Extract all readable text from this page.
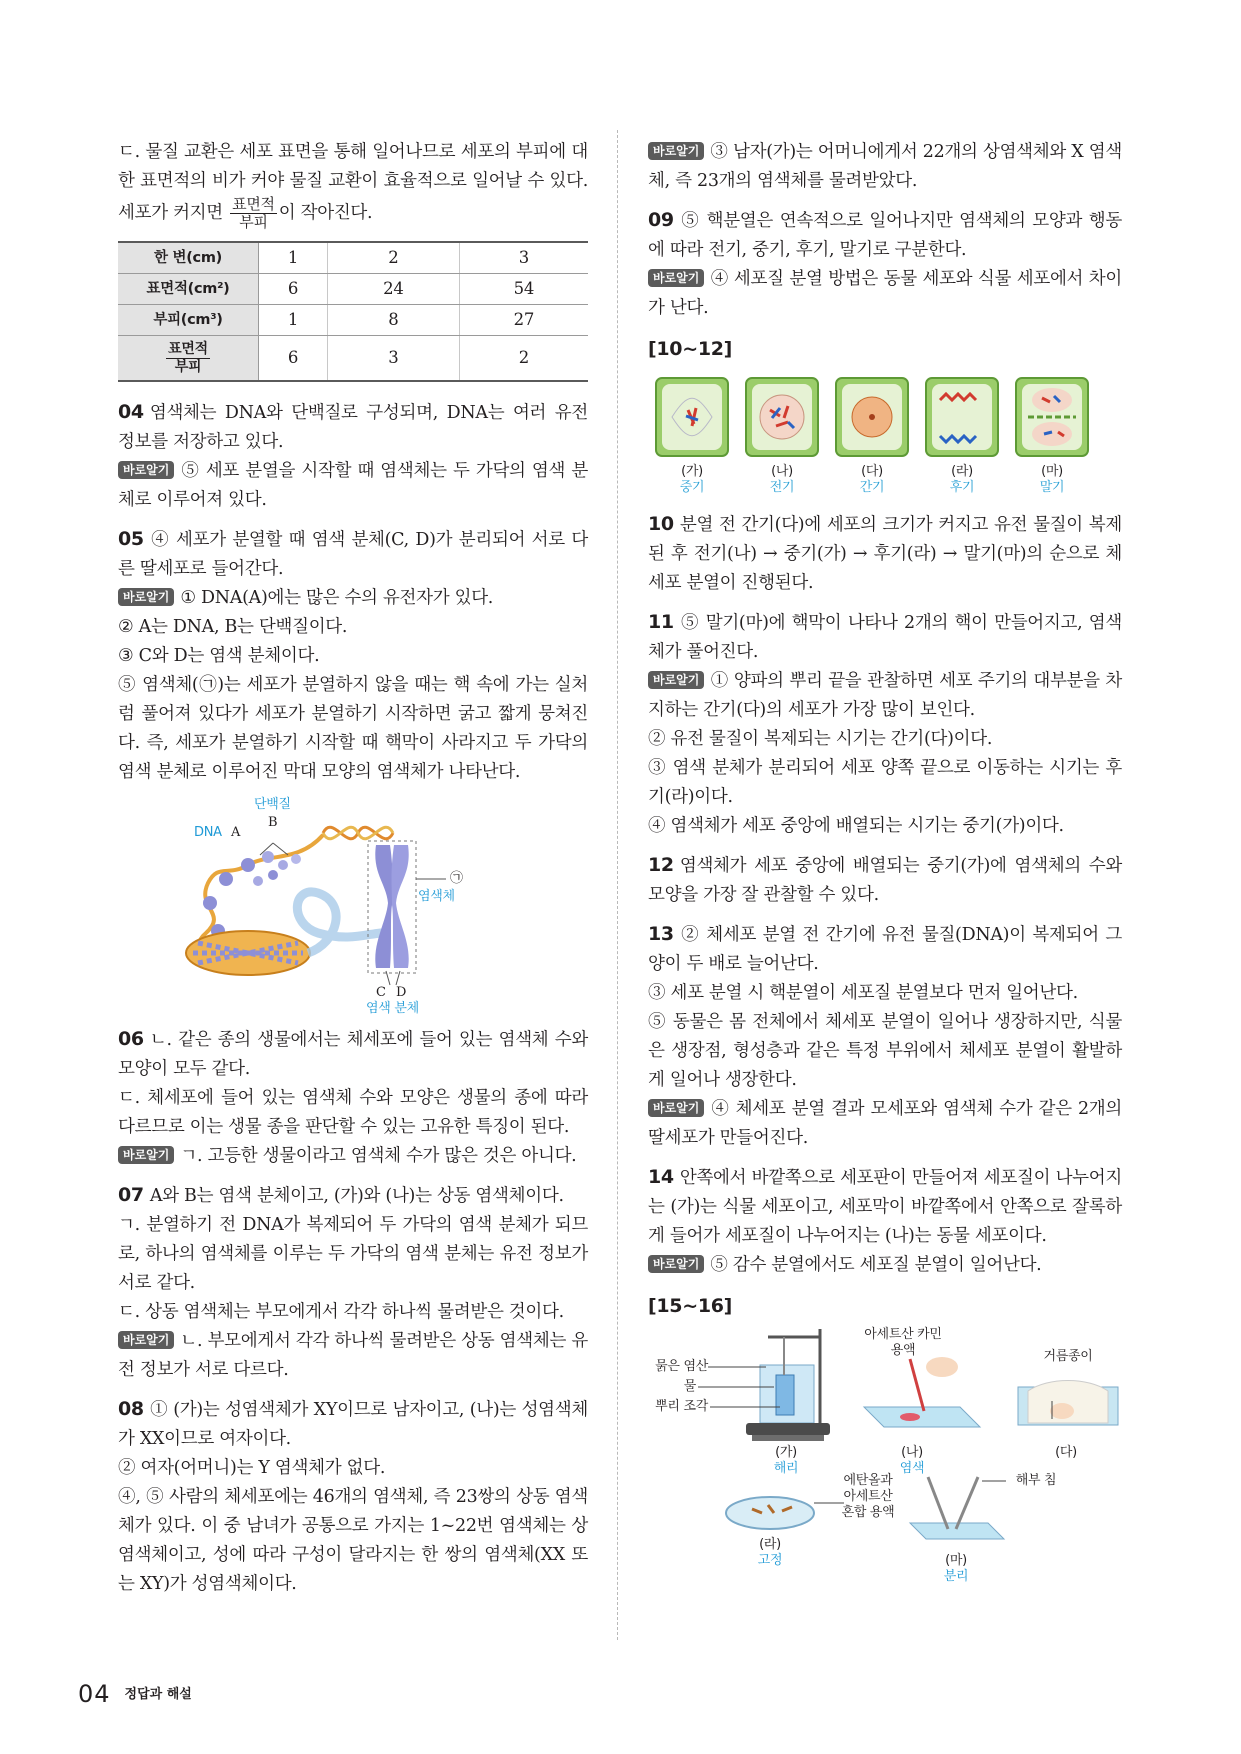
ㄷ. 물질 교환은 세포 표면을 통해 일어나므로 세포의 부피에 대한 표면적의 비가 커야 물질 교환이 효율적으로 일어날 수 있다. 세포가 커지면 $\frac{\text{표면적}}{\text{부피}}$ 이 작아진다.

한 변(cm)	1	2	3
표면적(cm²)	6	24	54
부피(cm³)	1	8	27

$\frac{\text{표면적}}{\text{부피}}$	6	3	2

04 염색체는 DNA와 단백질로 구성되며, DNA는 여러 유전 정보를 저장하고 있다.

바로알기 ⑤ 세포 분열을 시작할 때 염색체는 두 가닥의 염색 분체로 이루어져 있다.

05 ④ 세포가 분열할 때 염색 분체(C, D)가 분리되어 서로 다른 딸세포로 들어간다.

바로알기 ① DNA(A)에는 많은 수의 유전자가 있다.

② A는 DNA, B는 단백질이다.

③ C와 D는 염색 분체이다.

⑤ 염색체(㉠)는 세포가 분열하지 않을 때는 핵 속에 가는 실처럼 풀어져 있다가 세포가 분열하기 시작하면 굵고 짧게 뭉쳐진다. 즉, 세포가 분열하기 시작할 때 핵막이 사라지고 두 가닥의 염색 분체로 이루어진 막대 모양의 염색체가 나타난다.

단백질
B
DNA A
㉠
염색체
C D
염색 분체

06 ㄴ. 같은 종의 생물에서는 체세포에 들어 있는 염색체 수와 모양이 모두 같다.

ㄷ. 체세포에 들어 있는 염색체 수와 모양은 생물의 종에 따라 다르므로 이는 생물 종을 판단할 수 있는 고유한 특징이 된다.

바로알기 ㄱ. 고등한 생물이라고 염색체 수가 많은 것은 아니다.

07 A와 B는 염색 분체이고, (가)와 (나)는 상동 염색체이다.

ㄱ. 분열하기 전 DNA가 복제되어 두 가닥의 염색 분체가 되므로, 하나의 염색체를 이루는 두 가닥의 염색 분체는 유전 정보가 서로 같다.

ㄷ. 상동 염색체는 부모에게서 각각 하나씩 물려받은 것이다.

바로알기 ㄴ. 부모에게서 각각 하나씩 물려받은 상동 염색체는 유전 정보가 서로 다르다.

08 ① (가)는 성염색체가 XY이므로 남자이고, (나)는 성염색체가 XX이므로 여자이다.

② 여자(어머니)는 Y 염색체가 없다.

④, ⑤ 사람의 체세포에는 46개의 염색체, 즉 23쌍의 상동 염색체가 있다. 이 중 남녀가 공통으로 가지는 1~22번 염색체는 상염색체이고, 성에 따라 구성이 달라지는 한 쌍의 염색체(XX 또는 XY)가 성염색체이다.

바로알기 ③ 남자(가)는 어머니에게서 22개의 상염색체와 X 염색체, 즉 23개의 염색체를 물려받았다.

09 ⑤ 핵분열은 연속적으로 일어나지만 염색체의 모양과 행동에 따라 전기, 중기, 후기, 말기로 구분한다.

바로알기 ④ 세포질 분열 방법은 동물 세포와 식물 세포에서 차이가 난다.

[10~12]
(가)
중기
(나)
전기
(다)
간기
(라)
후기
(마)
말기

10 분열 전 간기(다)에 세포의 크기가 커지고 유전 물질이 복제된 후 전기(나) → 중기(가) → 후기(라) → 말기(마)의 순으로 체세포 분열이 진행된다.

11 ⑤ 말기(마)에 핵막이 나타나 2개의 핵이 만들어지고, 염색체가 풀어진다.

바로알기 ① 양파의 뿌리 끝을 관찰하면 세포 주기의 대부분을 차지하는 간기(다)의 세포가 가장 많이 보인다.

② 유전 물질이 복제되는 시기는 간기(다)이다.

③ 염색 분체가 분리되어 세포 양쪽 끝으로 이동하는 시기는 후기(라)이다.

④ 염색체가 세포 중앙에 배열되는 시기는 중기(가)이다.

12 염색체가 세포 중앙에 배열되는 중기(가)에 염색체의 수와 모양을 가장 잘 관찰할 수 있다.

13 ② 체세포 분열 전 간기에 유전 물질(DNA)이 복제되어 그 양이 두 배로 늘어난다.

③ 세포 분열 시 핵분열이 세포질 분열보다 먼저 일어난다.

⑤ 동물은 몸 전체에서 체세포 분열이 일어나 생장하지만, 식물은 생장점, 형성층과 같은 특정 부위에서 체세포 분열이 활발하게 일어나 생장한다.

바로알기 ④ 체세포 분열 결과 모세포와 염색체 수가 같은 2개의 딸세포가 만들어진다.

14 안쪽에서 바깥쪽으로 세포판이 만들어져 세포질이 나누어지는 (가)는 식물 세포이고, 세포막이 바깥쪽에서 안쪽으로 잘록하게 들어가 세포질이 나누어지는 (나)는 동물 세포이다.

바로알기 ⑤ 감수 분열에서도 세포질 분열이 일어난다.

[15~16]
묽은 염산
물
뿌리 조각
아세트산 카민
용액	거름종이
(가)
해리
(나)
염색
(다)
에탄올과
아세트산
혼합 용액
해부 침
(라)
고정	(마)
분리
04 $^{정답과 해설}$
